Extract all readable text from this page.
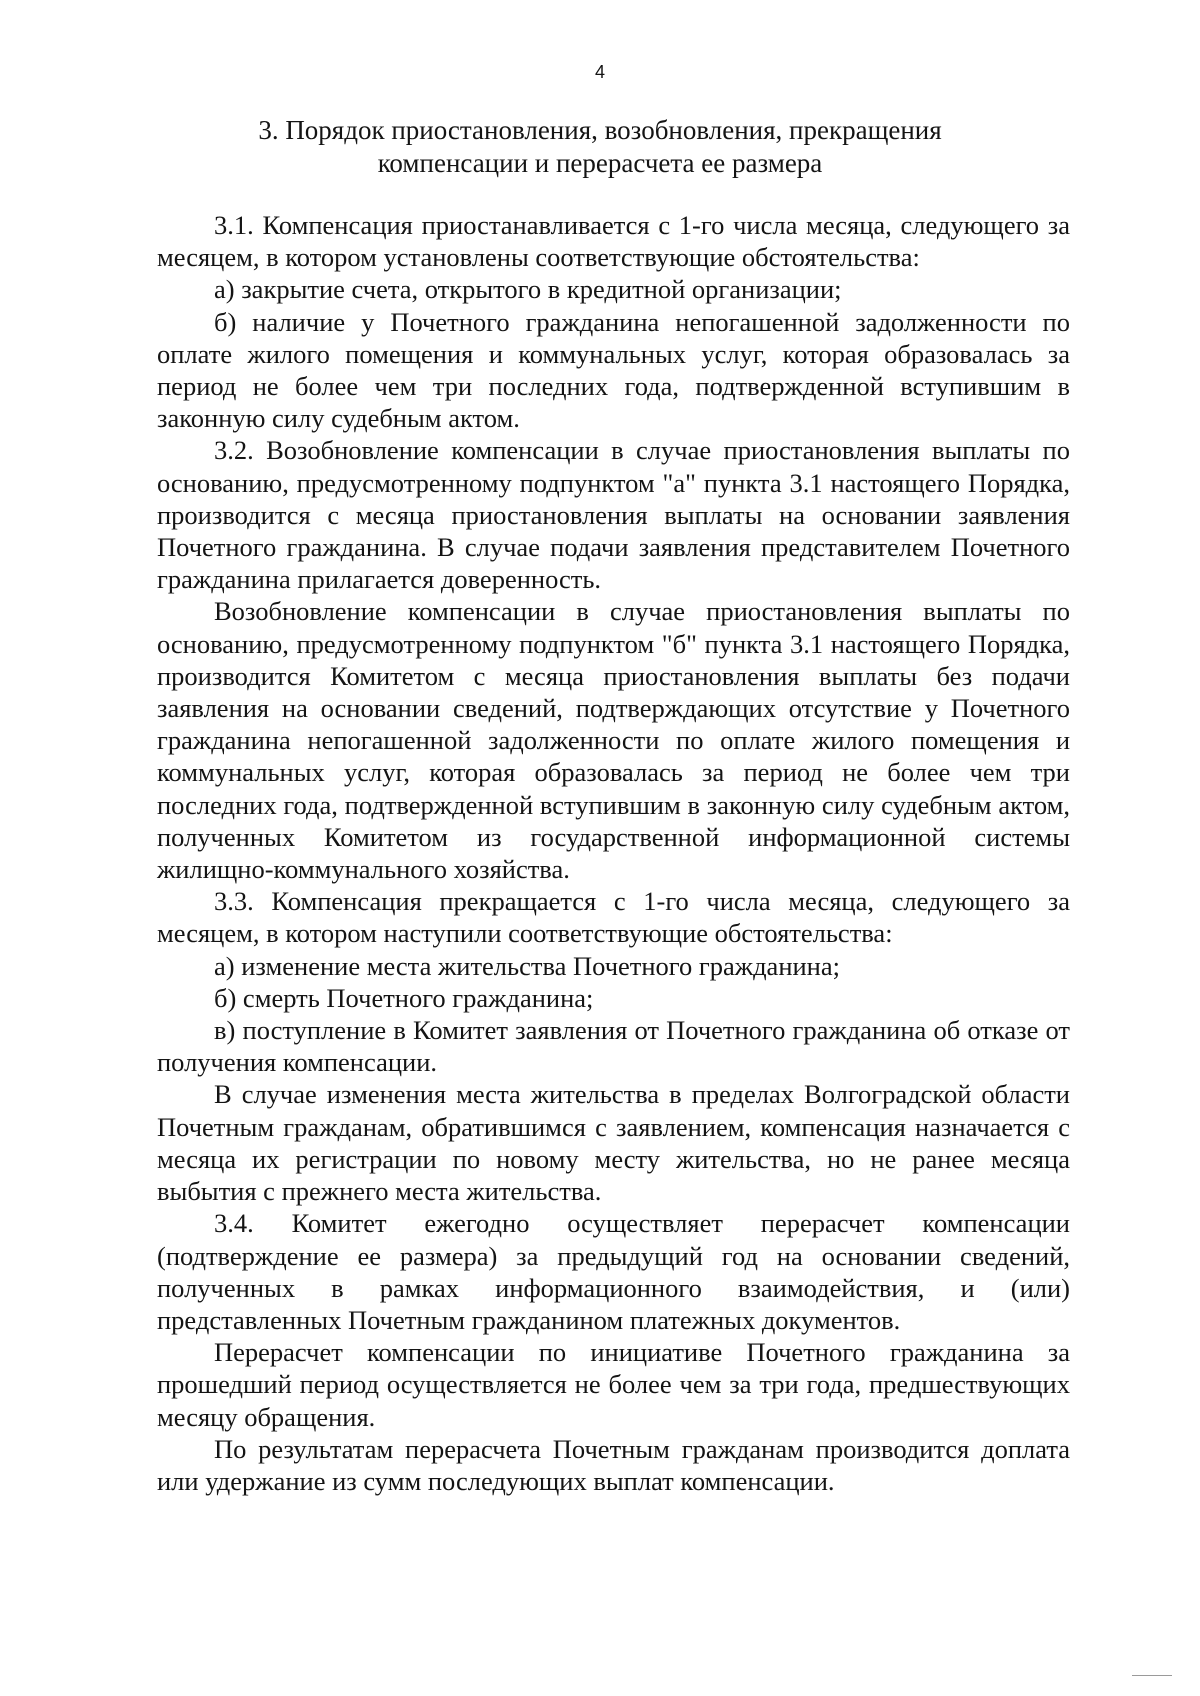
4
3. Порядок приостановления, возобновления, прекращения
компенсации и перерасчета ее размера

3.1. Компенсация приостанавливается с 1-го числа месяца, следующего за месяцем, в котором установлены соответствующие обстоятельства:

а) закрытие счета, открытого в кредитной организации;

б) наличие у Почетного гражданина непогашенной задолженности по оплате жилого помещения и коммунальных услуг, которая образовалась за период не более чем три последних года, подтвержденной вступившим в законную силу судебным актом.

3.2. Возобновление компенсации в случае приостановления выплаты по основанию, предусмотренному подпунктом "а" пункта 3.1 настоящего Порядка, производится с месяца приостановления выплаты на основании заявления Почетного гражданина. В случае подачи заявления представителем Почетного гражданина прилагается доверенность.

Возобновление компенсации в случае приостановления выплаты по основанию, предусмотренному подпунктом "б" пункта 3.1 настоящего Порядка, производится Комитетом с месяца приостановления выплаты без подачи заявления на основании сведений, подтверждающих отсутствие у Почетного гражданина непогашенной задолженности по оплате жилого помещения и коммунальных услуг, которая образовалась за период не более чем три последних года, подтвержденной вступившим в законную силу судебным актом, полученных Комитетом из государственной информационной системы жилищно-коммунального хозяйства.

3.3. Компенсация прекращается с 1-го числа месяца, следующего за месяцем, в котором наступили соответствующие обстоятельства:

а) изменение места жительства Почетного гражданина;

б) смерть Почетного гражданина;

в) поступление в Комитет заявления от Почетного гражданина об отказе от получения компенсации.

В случае изменения места жительства в пределах Волгоградской области Почетным гражданам, обратившимся с заявлением, компенсация назначается с месяца их регистрации по новому месту жительства, но не ранее месяца выбытия с прежнего места жительства.

3.4. Комитет ежегодно осуществляет перерасчет компенсации (подтверждение ее размера) за предыдущий год на основании сведений, полученных в рамках информационного взаимодействия, и (или) представленных Почетным гражданином платежных документов.

Перерасчет компенсации по инициативе Почетного гражданина за прошедший период осуществляется не более чем за три года, предшествующих месяцу обращения.

По результатам перерасчета Почетным гражданам производится доплата или удержание из сумм последующих выплат компенсации.
